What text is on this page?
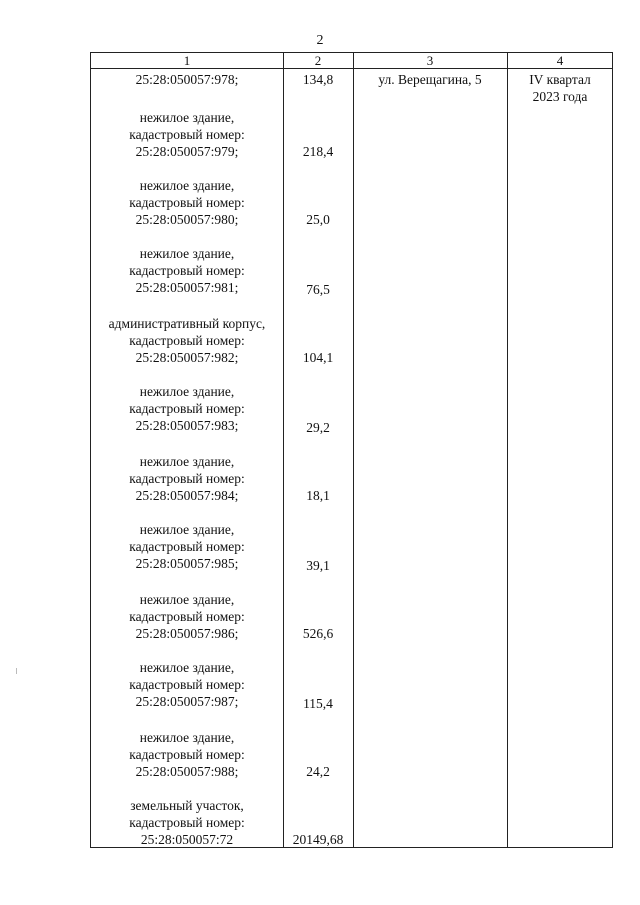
2
1	2	3	4
25:28:050057:978;	134,8	ул. Верещагина, 5	IV квартал
2023 года
нежилое здание,
кадастровый номер:
25:28:050057:979;	218,4
нежилое здание,
кадастровый номер:
25:28:050057:980;	25,0
нежилое здание,
кадастровый номер:
25:28:050057:981;	76,5
административный корпус,
кадастровый номер:
25:28:050057:982;	104,1
нежилое здание,
кадастровый номер:
25:28:050057:983;	29,2
нежилое здание,
кадастровый номер:
25:28:050057:984;	18,1
нежилое здание,
кадастровый номер:
25:28:050057:985;	39,1
нежилое здание,
кадастровый номер:
25:28:050057:986;	526,6
нежилое здание,
кадастровый номер:
25:28:050057:987;	115,4
нежилое здание,
кадастровый номер:
25:28:050057:988;	24,2
земельный участок,
кадастровый номер:
25:28:050057:72	20149,68
